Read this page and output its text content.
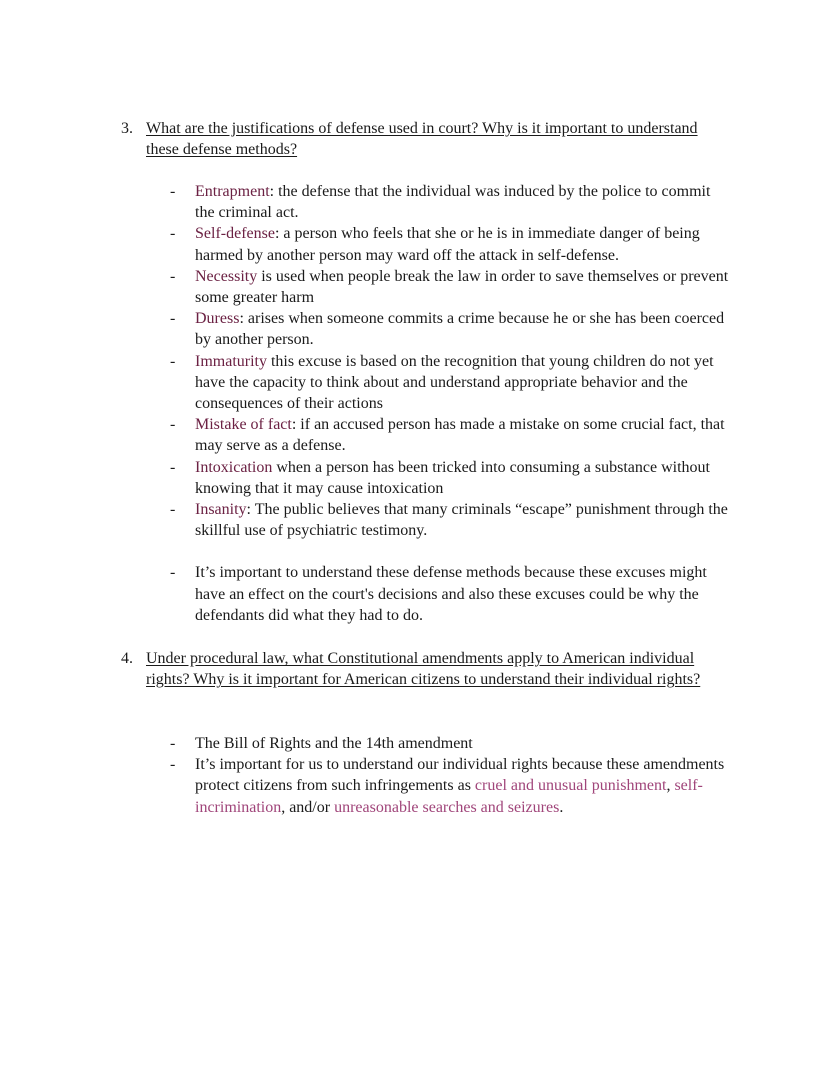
3. What are the justifications of defense used in court? Why is it important to understand these defense methods?
- Entrapment: the defense that the individual was induced by the police to commit the criminal act.
- Self-defense: a person who feels that she or he is in immediate danger of being harmed by another person may ward off the attack in self-defense.
- Necessity is used when people break the law in order to save themselves or prevent some greater harm
- Duress: arises when someone commits a crime because he or she has been coerced by another person.
- Immaturity this excuse is based on the recognition that young children do not yet have the capacity to think about and understand appropriate behavior and the consequences of their actions
- Mistake of fact: if an accused person has made a mistake on some crucial fact, that may serve as a defense.
- Intoxication when a person has been tricked into consuming a substance without knowing that it may cause intoxication
- Insanity: The public believes that many criminals “escape” punishment through the skillful use of psychiatric testimony.
- It’s important to understand these defense methods because these excuses might have an effect on the court's decisions and also these excuses could be why the defendants did what they had to do.
4. Under procedural law, what Constitutional amendments apply to American individual rights? Why is it important for American citizens to understand their individual rights?
- The Bill of Rights and the 14th amendment
- It’s important for us to understand our individual rights because these amendments protect citizens from such infringements as cruel and unusual punishment, self-incrimination, and/or unreasonable searches and seizures.
